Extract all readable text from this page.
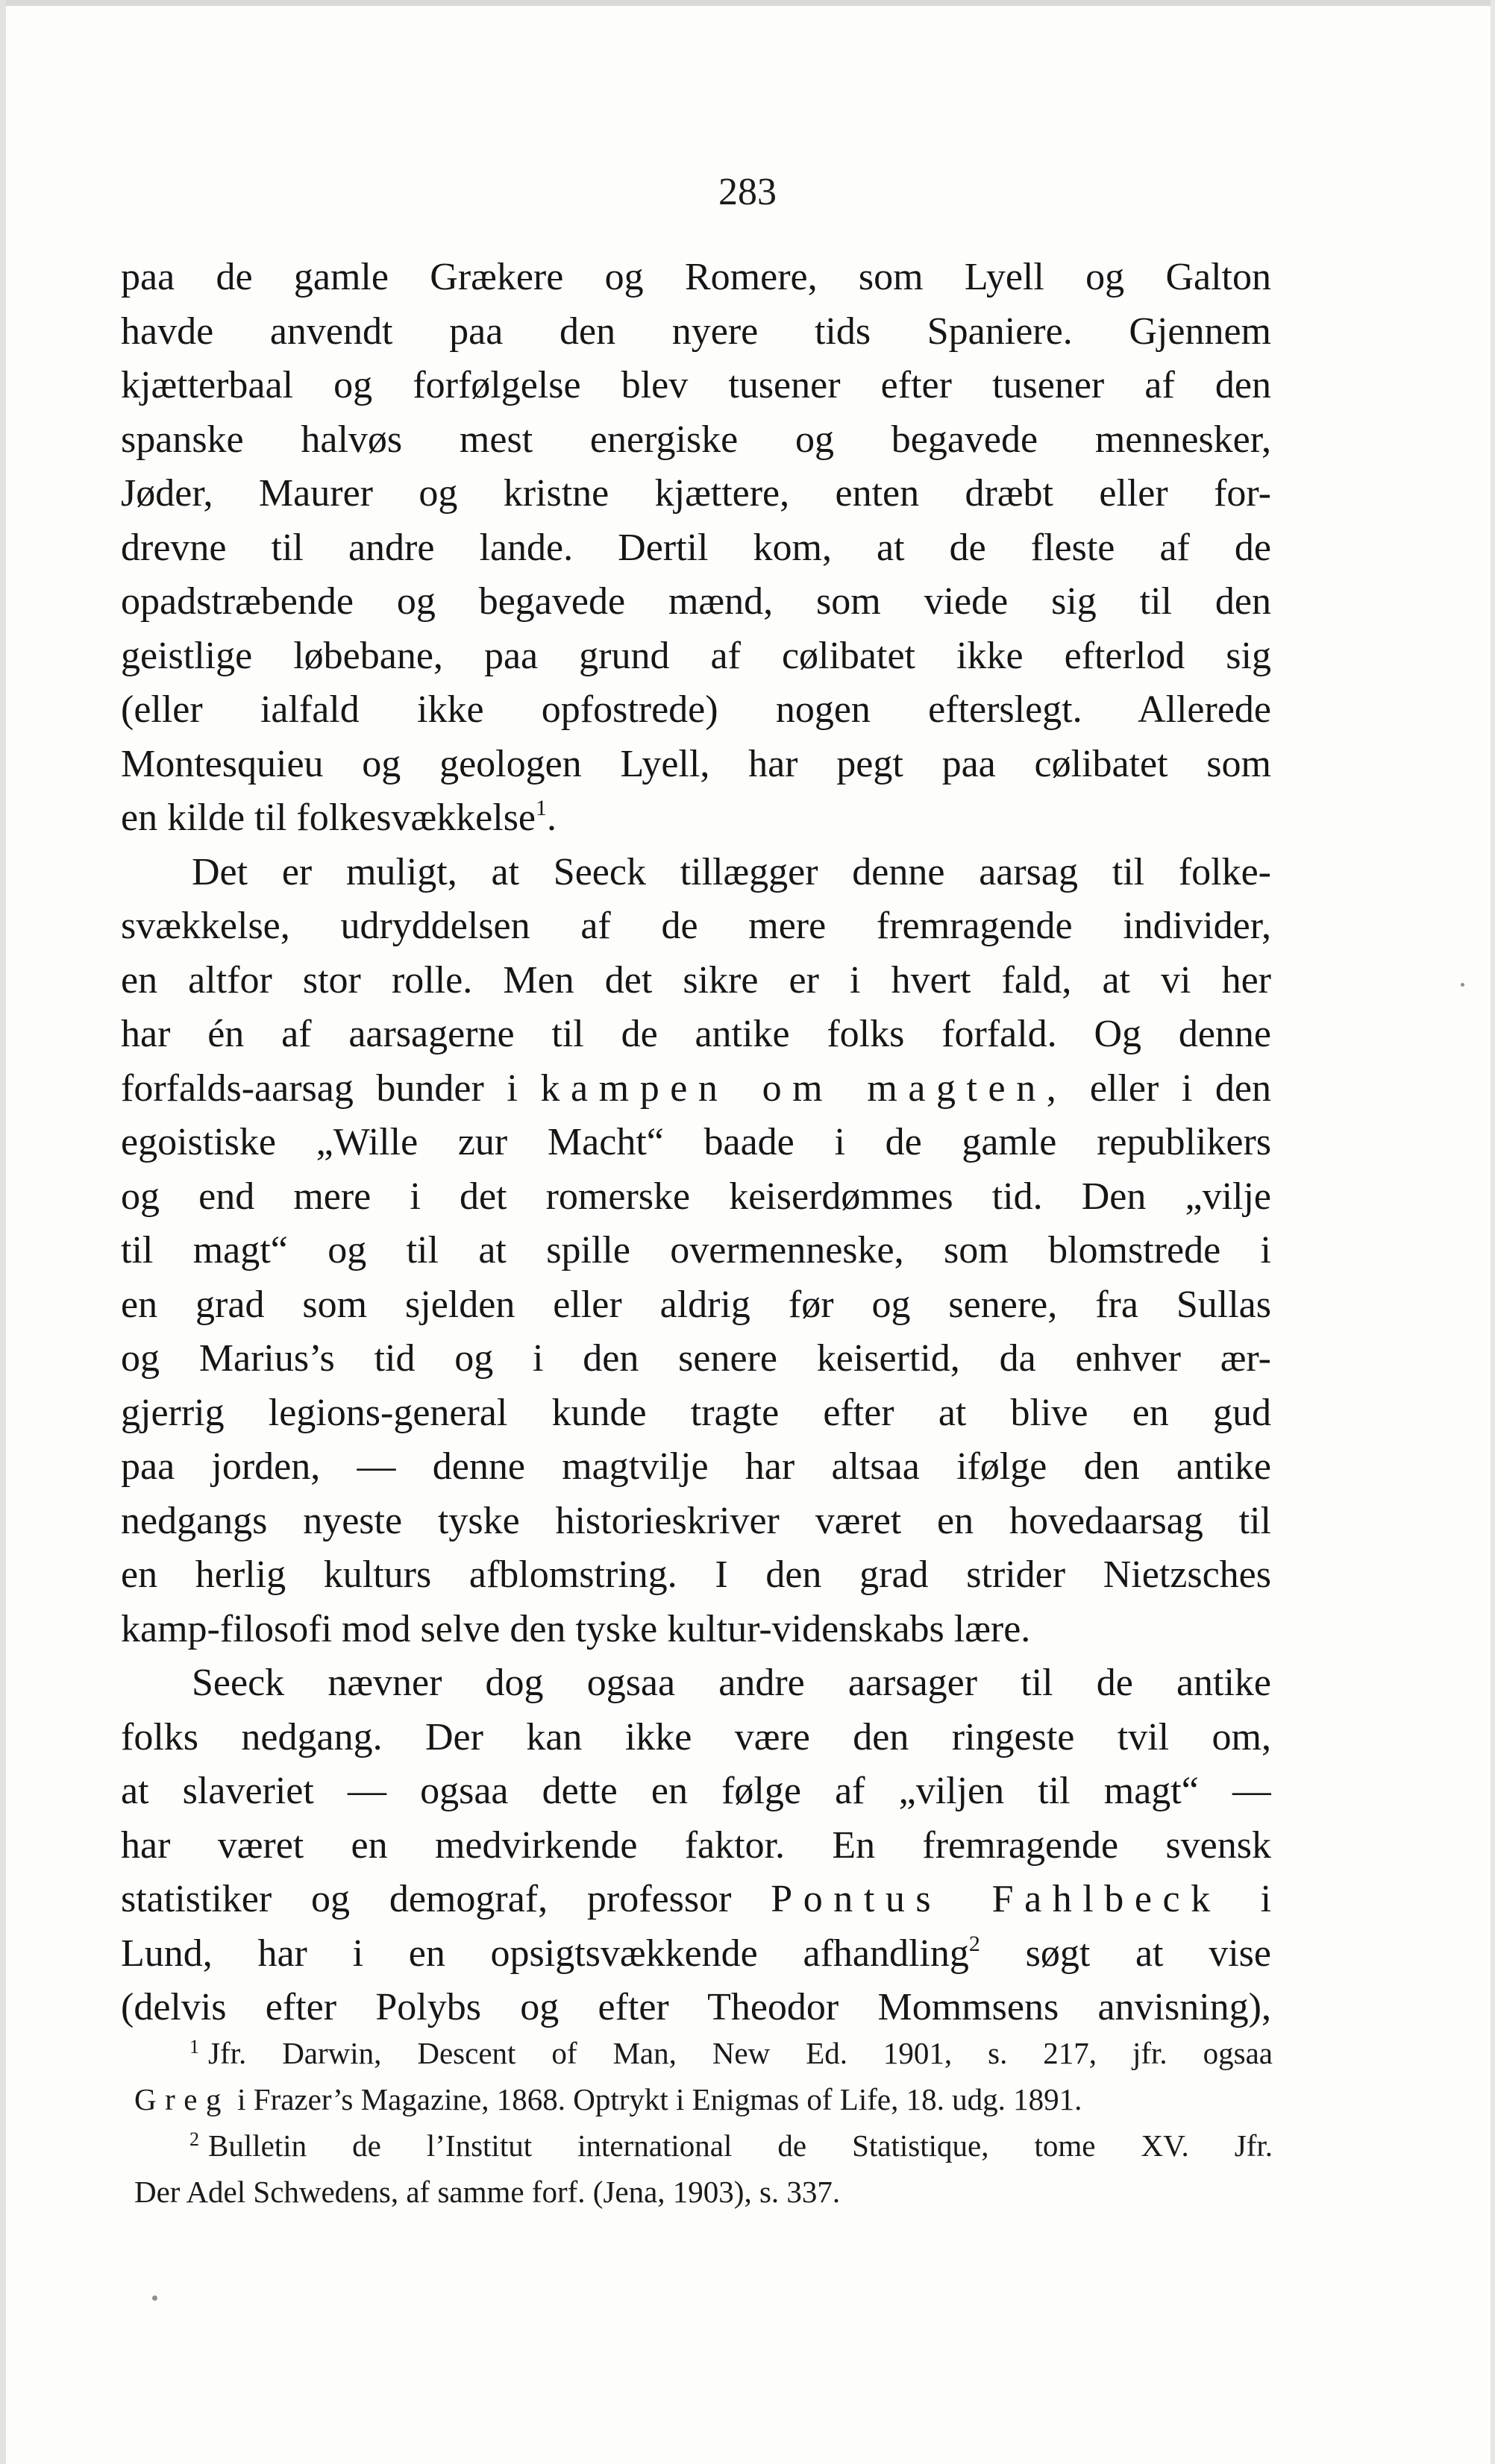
283

paa de gamle Grækere og Romere, som Lyell og Galton
havde anvendt paa den nyere tids Spaniere. Gjennem
kjætterbaal og forfølgelse blev tusener efter tusener af den
spanske halvøs mest energiske og begavede mennesker,
Jøder, Maurer og kristne kjættere, enten dræbt eller for-
drevne til andre lande. Dertil kom, at de fleste af de
opadstræbende og begavede mænd, som viede sig til den
geistlige løbebane, paa grund af cølibatet ikke efterlod sig
(eller ialfald ikke opfostrede) nogen efterslegt. Allerede
Montesquieu og geologen Lyell, har pegt paa cølibatet som
en kilde til folkesvækkelse$^1$.
Det er muligt, at Seeck tillægger denne aarsag til folke-
svækkelse, udryddelsen af de mere fremragende individer,
en altfor stor rolle. Men det sikre er i hvert fald, at vi her
har én af aarsagerne til de antike folks forfald. Og denne
forfalds-aarsag bunder i kampen om magten, eller i den
egoistiske „Wille zur Macht“ baade i de gamle republikers
og end mere i det romerske keiserdømmes tid. Den „vilje
til magt“ og til at spille overmenneske, som blomstrede i
en grad som sjelden eller aldrig før og senere, fra Sullas
og Marius’s tid og i den senere keisertid, da enhver ær-
gjerrig legions-general kunde tragte efter at blive en gud
paa jorden, — denne magtvilje har altsaa ifølge den antike
nedgangs nyeste tyske historieskriver været en hovedaarsag til
en herlig kulturs afblomstring. I den grad strider Nietzsches
kamp-filosofi mod selve den tyske kultur-videnskabs lære.
Seeck nævner dog ogsaa andre aarsager til de antike
folks nedgang. Der kan ikke være den ringeste tvil om,
at slaveriet — ogsaa dette en følge af „viljen til magt“ —
har været en medvirkende faktor. En fremragende svensk
statistiker og demograf, professor Pontus Fahlbeck i
Lund, har i en opsigtsvækkende afhandling$^2$ søgt at vise
(delvis efter Polybs og efter Theodor Mommsens anvisning),
$^1$ Jfr. Darwin, Descent of Man, New Ed. 1901, s. 217, jfr. ogsaa
Greg i Frazer’s Magazine, 1868. Optrykt i Enigmas of Life, 18. udg. 1891.
$^2$ Bulletin de l’Institut international de Statistique, tome XV. Jfr.
Der Adel Schwedens, af samme forf. (Jena, 1903), s. 337.
